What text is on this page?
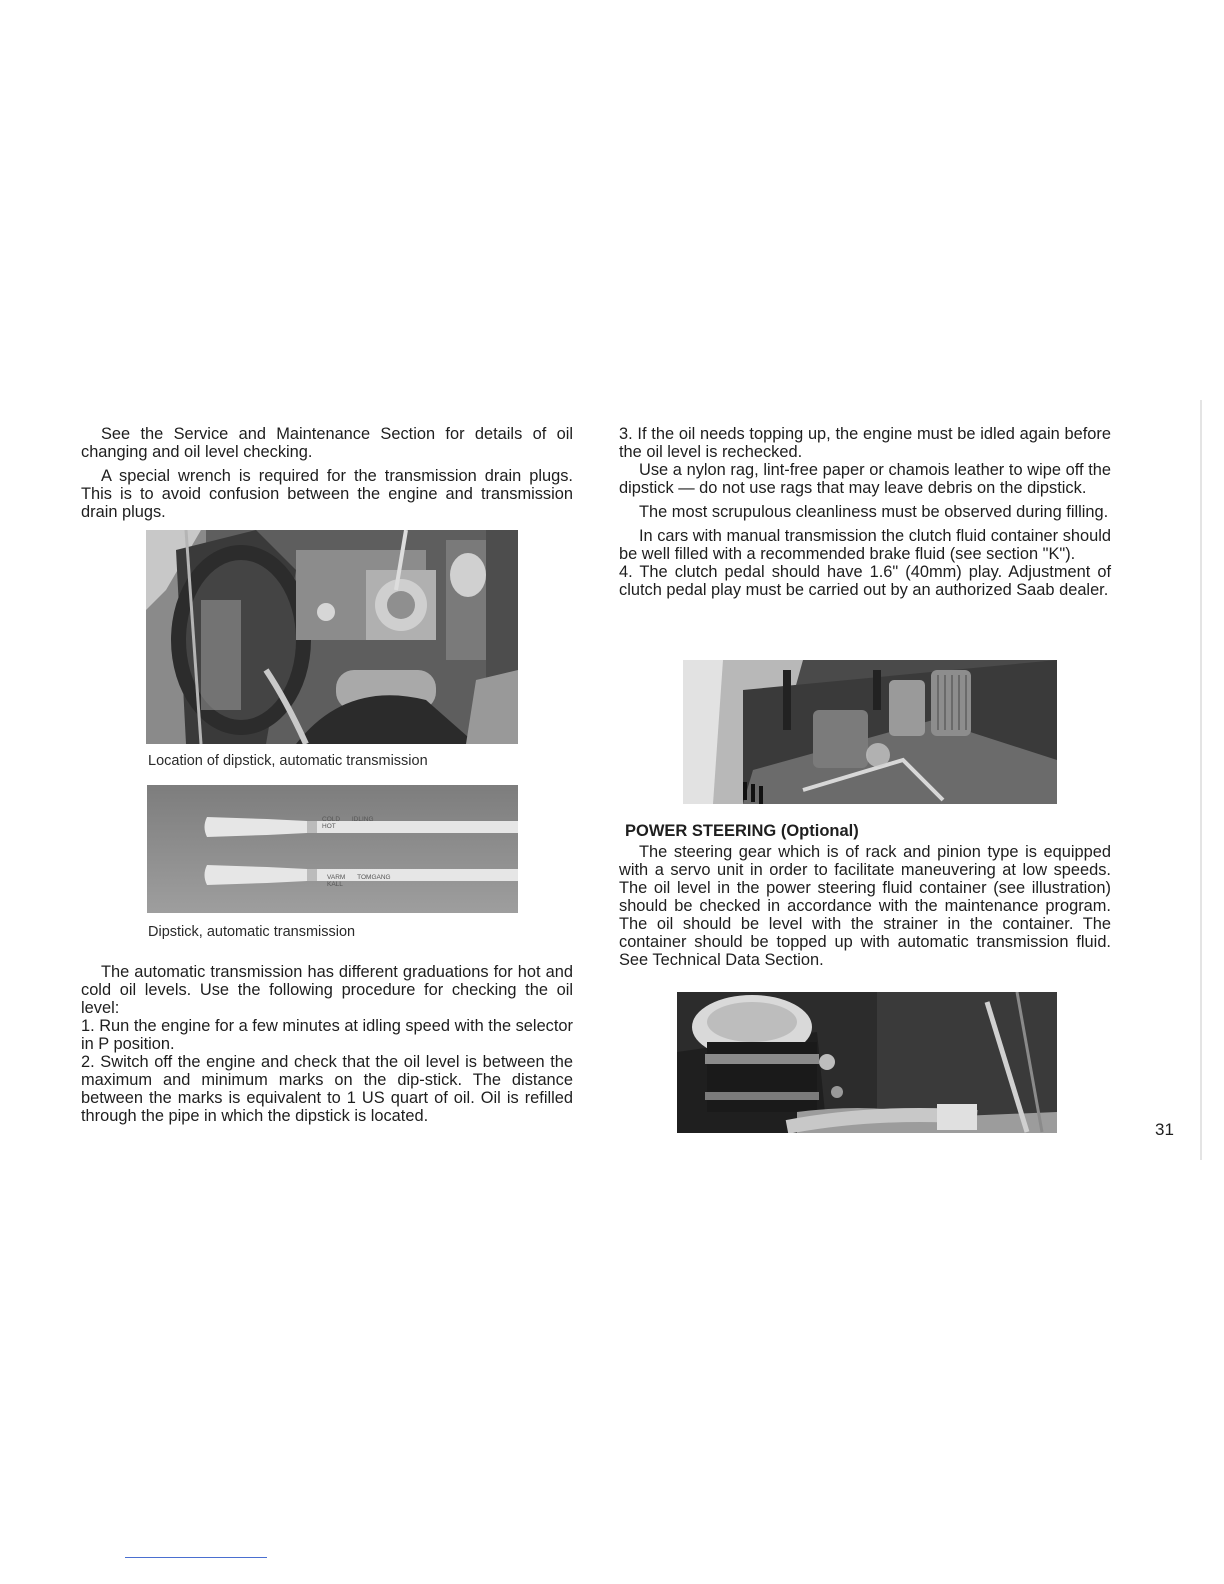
See the Service and Maintenance Section for details of oil changing and oil level checking.

A special wrench is required for the transmission drain plugs. This is to avoid confusion between the engine and transmission drain plugs.

Location of dipstick, automatic transmission
COLD IDLING
HOT
VARM TOMGANG
KALL
Dipstick, automatic transmission

The automatic transmission has different graduations for hot and cold oil levels. Use the following procedure for checking the oil level:

1. Run the engine for a few minutes at idling speed with the selector in P position.

2. Switch off the engine and check that the oil level is between the maximum and minimum marks on the dip-stick. The distance between the marks is equivalent to 1 US quart of oil. Oil is refilled through the pipe in which the dipstick is located.

3. If the oil needs topping up, the engine must be idled again before the oil level is rechecked.

Use a nylon rag, lint-free paper or chamois leather to wipe off the dipstick — do not use rags that may leave debris on the dipstick.

The most scrupulous cleanliness must be observed during filling.

In cars with manual transmission the clutch fluid container should be well filled with a recommended brake fluid (see section "K").

4. The clutch pedal should have 1.6" (40mm) play. Adjustment of clutch pedal play must be carried out by an authorized Saab dealer.

POWER STEERING (Optional)

The steering gear which is of rack and pinion type is equipped with a servo unit in order to facilitate maneuvering at low speeds. The oil level in the power steering fluid container (see illustration) should be checked in accordance with the maintenance program. The oil should be level with the strainer in the container. The container should be topped up with automatic transmission fluid. See Technical Data Section.

31
